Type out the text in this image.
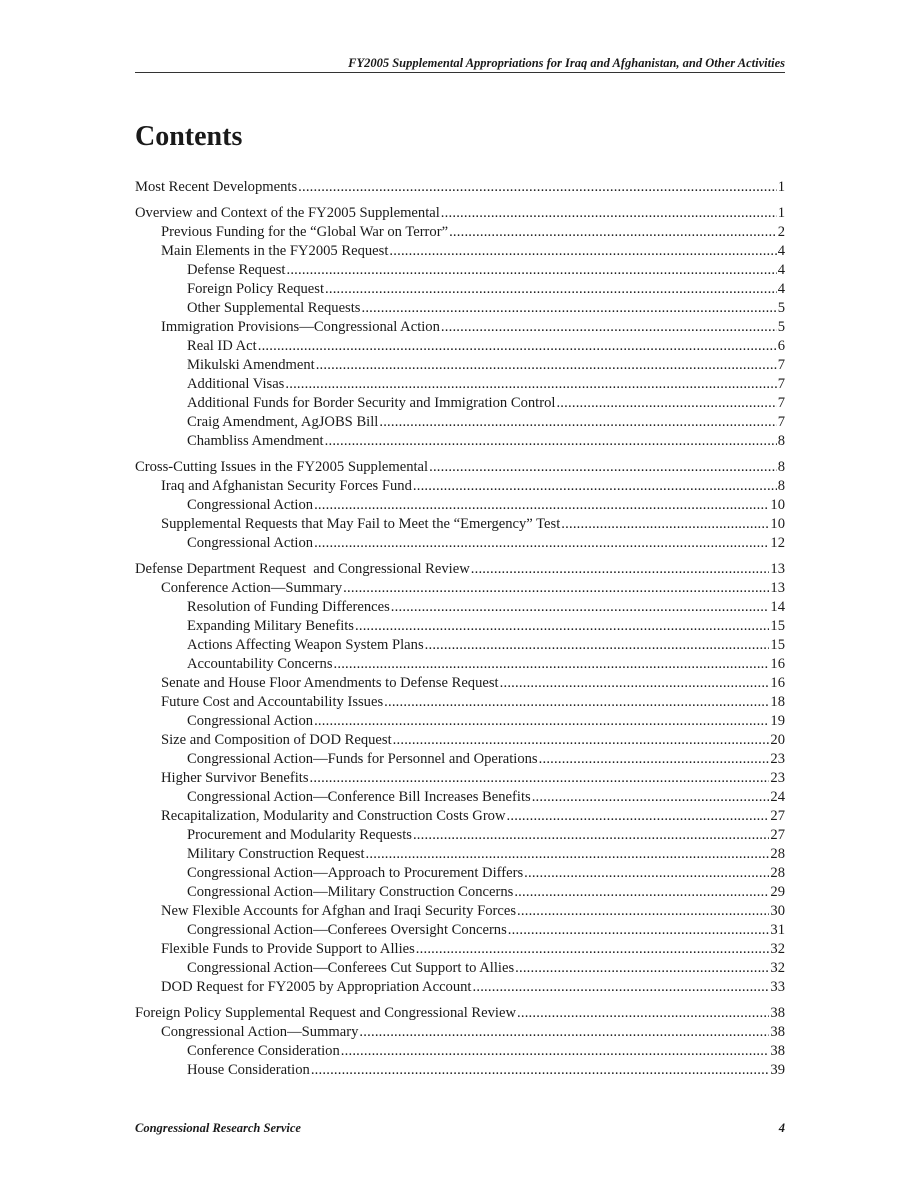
FY2005 Supplemental Appropriations for Iraq and Afghanistan, and Other Activities
Contents
Most Recent Developments .....	1
Overview and Context of the FY2005 Supplemental .....	1
Previous Funding for the “Global War on Terror” .....	2
Main Elements in the FY2005 Request .....	4
Defense Request .....	4
Foreign Policy Request .....	4
Other Supplemental Requests .....	5
Immigration Provisions—Congressional Action .....	5
Real ID Act .....	6
Mikulski Amendment .....	7
Additional Visas .....	7
Additional Funds for Border Security and Immigration Control .....	7
Craig Amendment, AgJOBS Bill .....	7
Chambliss Amendment .....	8
Cross-Cutting Issues in the FY2005 Supplemental .....	8
Iraq and Afghanistan Security Forces Fund .....	8
Congressional Action .....	10
Supplemental Requests that May Fail to Meet the “Emergency” Test .....	10
Congressional Action .....	12
Defense Department Request  and Congressional Review .....	13
Conference Action—Summary .....	13
Resolution of Funding Differences .....	14
Expanding Military Benefits .....	15
Actions Affecting Weapon System Plans .....	15
Accountability Concerns .....	16
Senate and House Floor Amendments to Defense Request .....	16
Future Cost and Accountability Issues .....	18
Congressional Action .....	19
Size and Composition of DOD Request .....	20
Congressional Action—Funds for Personnel and Operations .....	23
Higher Survivor Benefits .....	23
Congressional Action—Conference Bill Increases Benefits .....	24
Recapitalization, Modularity and Construction Costs Grow .....	27
Procurement and Modularity Requests .....	27
Military Construction Request .....	28
Congressional Action—Approach to Procurement Differs .....	28
Congressional Action—Military Construction Concerns .....	29
New Flexible Accounts for Afghan and Iraqi Security Forces .....	30
Congressional Action—Conferees Oversight Concerns .....	31
Flexible Funds to Provide Support to Allies .....	32
Congressional Action—Conferees Cut Support to Allies .....	32
DOD Request for FY2005 by Appropriation Account .....	33
Foreign Policy Supplemental Request and Congressional Review .....	38
Congressional Action—Summary .....	38
Conference Consideration .....	38
House Consideration .....	39
Congressional Research Service	4
